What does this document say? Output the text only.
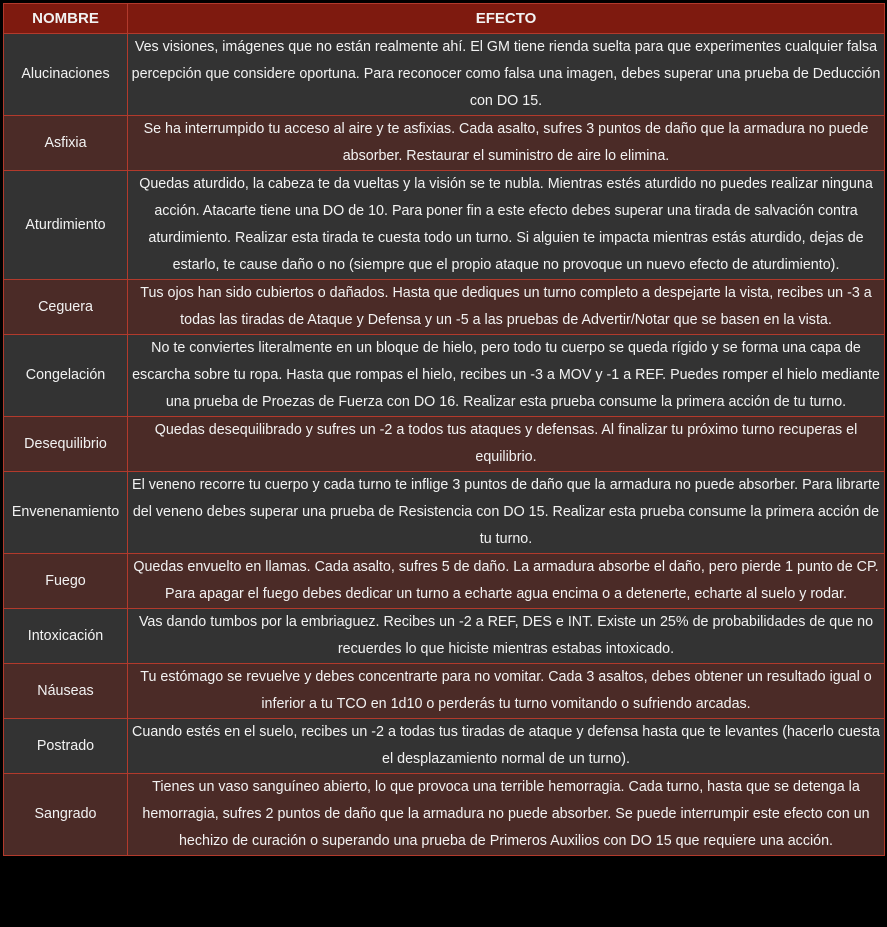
NOMBRE	EFECTO
Alucinaciones	Ves visiones, imágenes que no están realmente ahí. El GM tiene rienda suelta para que experimentes cualquier falsa percepción que considere oportuna. Para reconocer como falsa una imagen, debes superar una prueba de Deducción con DO 15.
Asfixia	Se ha interrumpido tu acceso al aire y te asfixias. Cada asalto, sufres 3 puntos de daño que la armadura no puede absorber. Restaurar el suministro de aire lo elimina.
Aturdimiento	Quedas aturdido, la cabeza te da vueltas y la visión se te nubla. Mientras estés aturdido no puedes realizar ninguna acción. Atacarte tiene una DO de 10. Para poner fin a este efecto debes superar una tirada de salvación contra aturdimiento. Realizar esta tirada te cuesta todo un turno. Si alguien te impacta mientras estás aturdido, dejas de estarlo, te cause daño o no (siempre que el propio ataque no provoque un nuevo efecto de aturdimiento).
Ceguera	Tus ojos han sido cubiertos o dañados. Hasta que dediques un turno completo a despejarte la vista, recibes un -3 a todas las tiradas de Ataque y Defensa y un -5 a las pruebas de Advertir/Notar que se basen en la vista.
Congelación	No te conviertes literalmente en un bloque de hielo, pero todo tu cuerpo se queda rígido y se forma una capa de escarcha sobre tu ropa. Hasta que rompas el hielo, recibes un -3 a MOV y -1 a REF. Puedes romper el hielo mediante una prueba de Proezas de Fuerza con DO 16. Realizar esta prueba consume la primera acción de tu turno.
Desequilibrio	Quedas desequilibrado y sufres un -2 a todos tus ataques y defensas. Al finalizar tu próximo turno recuperas el equilibrio.
Envenenamiento	El veneno recorre tu cuerpo y cada turno te inflige 3 puntos de daño que la armadura no puede absorber. Para librarte del veneno debes superar una prueba de Resistencia con DO 15. Realizar esta prueba consume la primera acción de tu turno.
Fuego	Quedas envuelto en llamas. Cada asalto, sufres 5 de daño. La armadura absorbe el daño, pero pierde 1 punto de CP. Para apagar el fuego debes dedicar un turno a echarte agua encima o a detenerte, echarte al suelo y rodar.
Intoxicación	Vas dando tumbos por la embriaguez. Recibes un -2 a REF, DES e INT. Existe un 25% de probabilidades de que no recuerdes lo que hiciste mientras estabas intoxicado.
Náuseas	Tu estómago se revuelve y debes concentrarte para no vomitar. Cada 3 asaltos, debes obtener un resultado igual o inferior a tu TCO en 1d10 o perderás tu turno vomitando o sufriendo arcadas.
Postrado	Cuando estés en el suelo, recibes un -2 a todas tus tiradas de ataque y defensa hasta que te levantes (hacerlo cuesta el desplazamiento normal de un turno).
Sangrado	Tienes un vaso sanguíneo abierto, lo que provoca una terrible hemorragia. Cada turno, hasta que se detenga la hemorragia, sufres 2 puntos de daño que la armadura no puede absorber. Se puede interrumpir este efecto con un hechizo de curación o superando una prueba de Primeros Auxilios con DO 15 que requiere una acción.
